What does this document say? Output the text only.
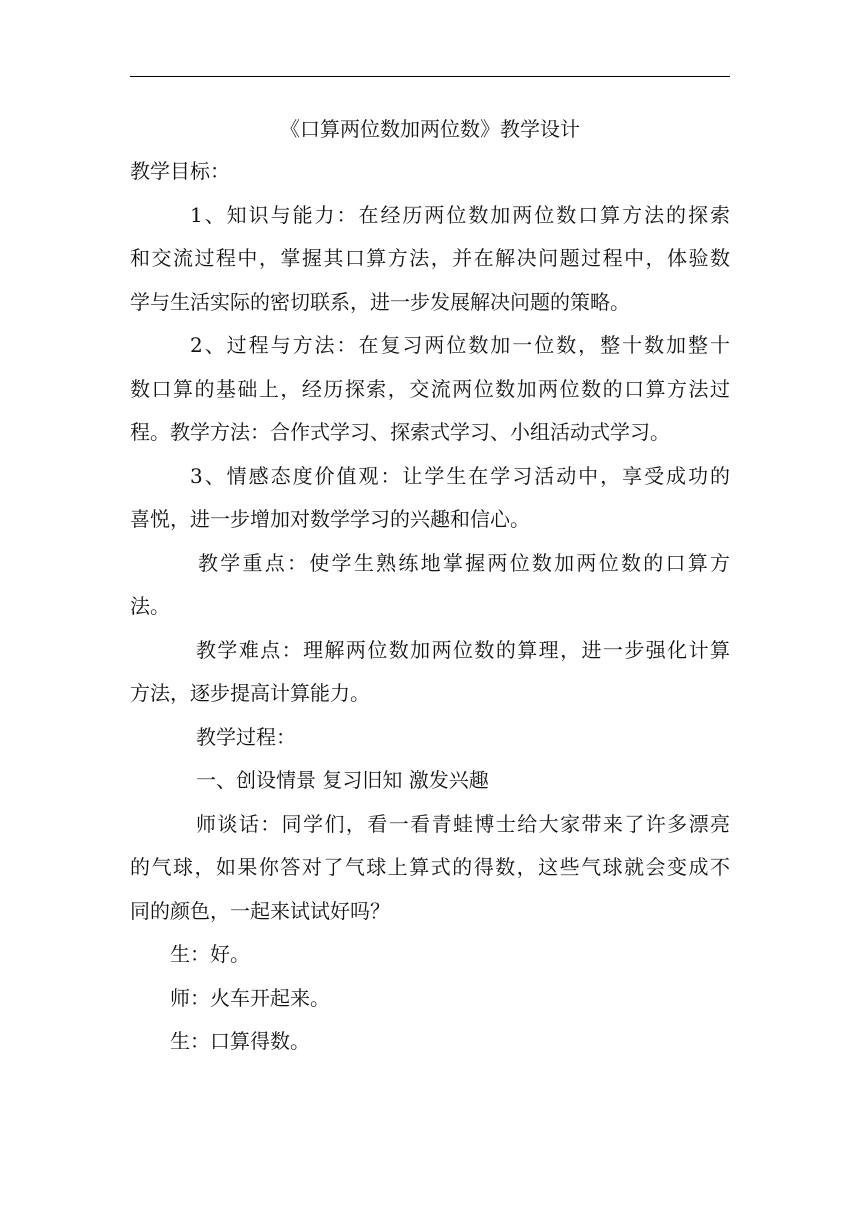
《口算两位数加两位数》教学设计
教学目标：
1、知识与能力：在经历两位数加两位数口算方法的探索
和交流过程中，掌握其口算方法，并在解决问题过程中，体验数
学与生活实际的密切联系，进一步发展解决问题的策略。
2、过程与方法：在复习两位数加一位数，整十数加整十
数口算的基础上，经历探索，交流两位数加两位数的口算方法过
程。教学方法：合作式学习、探索式学习、小组活动式学习。
3、情感态度价值观：让学生在学习活动中，享受成功的
喜悦，进一步增加对数学学习的兴趣和信心。
教学重点：使学生熟练地掌握两位数加两位数的口算方
法。
教学难点：理解两位数加两位数的算理，进一步强化计算
方法，逐步提高计算能力。
教学过程：
一、创设情景 复习旧知 激发兴趣
师谈话：同学们，看一看青蛙博士给大家带来了许多漂亮
的气球，如果你答对了气球上算式的得数，这些气球就会变成不
同的颜色，一起来试试好吗？
生：好。
师：火车开起来。
生：口算得数。
